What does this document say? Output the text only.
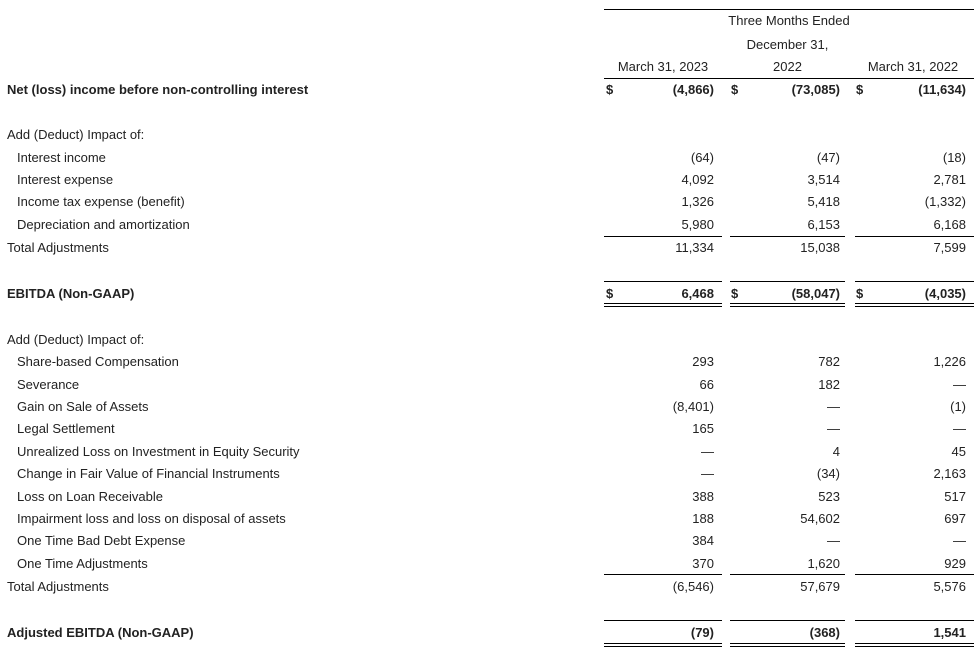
Three Months Ended
December 31,
March 31, 2023	2022	March 31, 2022
Net (loss) income before non-controlling interest	$	(4,866) $	(73,085) $	(11,634)
Add (Deduct) Impact of:
Interest income	(64)	(47)	(18)
Interest expense	4,092	3,514	2,781
Income tax expense (benefit)	1,326	5,418	(1,332)
Depreciation and amortization	5,980	6,153	6,168
Total Adjustments	11,334	15,038	7,599
EBITDA (Non-GAAP)	$	6,468 $	(58,047) $	(4,035)
Add (Deduct) Impact of:
Share-based Compensation	293	782	1,226
Severance	66	182	—
Gain on Sale of Assets	(8,401)	—	(1)
Legal Settlement	165	—	—
Unrealized Loss on Investment in Equity Security	—	4	45
Change in Fair Value of Financial Instruments	—	(34)	2,163
Loss on Loan Receivable	388	523	517
Impairment loss and loss on disposal of assets	188	54,602	697
One Time Bad Debt Expense	384	—	—
One Time Adjustments	370	1,620	929
Total Adjustments	(6,546)	57,679	5,576
Adjusted EBITDA (Non-GAAP)	(79)	(368)	1,541
